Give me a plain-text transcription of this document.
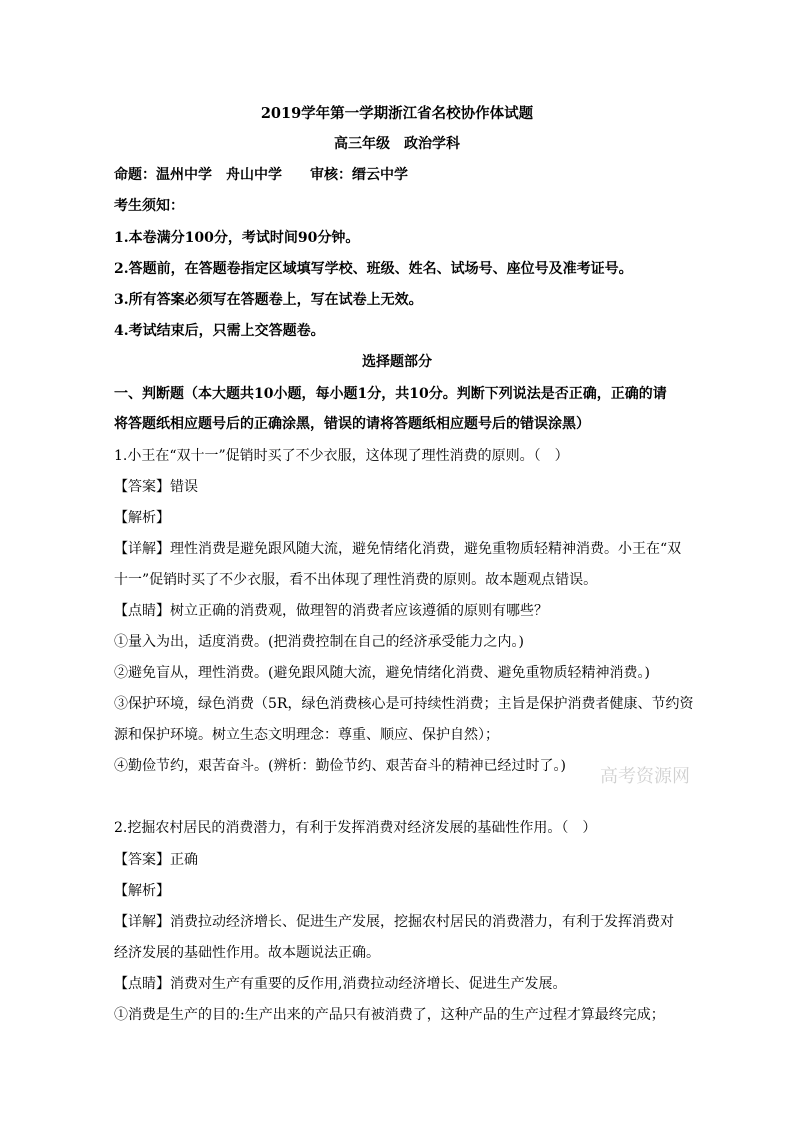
2019学年第一学期浙江省名校协作体试题
高三年级　政治学科
命题：温州中学　舟山中学　　审核：缙云中学
考生须知：
1.本卷满分100分，考试时间90分钟。
2.答题前，在答题卷指定区域填写学校、班级、姓名、试场号、座位号及准考证号。
3.所有答案必须写在答题卷上，写在试卷上无效。
4.考试结束后，只需上交答题卷。
选择题部分
一、判断题（本大题共10小题，每小题1分，共10分。判断下列说法是否正确，正确的请
将答题纸相应题号后的正确涂黑，错误的请将答题纸相应题号后的错误涂黑）
1.小王在“双十一”促销时买了不少衣服，这体现了理性消费的原则。（　）
【答案】错误
【解析】
【详解】理性消费是避免跟风随大流，避免情绪化消费，避免重物质轻精神消费。小王在“双
十一”促销时买了不少衣服，看不出体现了理性消费的原则。故本题观点错误。
【点睛】树立正确的消费观，做理智的消费者应该遵循的原则有哪些？
①量入为出，适度消费。(把消费控制在自己的经济承受能力之内。)
②避免盲从，理性消费。(避免跟风随大流，避免情绪化消费、避免重物质轻精神消费。)
③保护环境，绿色消费（5R，绿色消费核心是可持续性消费；主旨是保护消费者健康、节约资
源和保护环境。树立生态文明理念：尊重、顺应、保护自然）；
④勤俭节约，艰苦奋斗。(辨析：勤俭节约、艰苦奋斗的精神已经过时了。)	高考资源网
2.挖掘农村居民的消费潜力，有利于发挥消费对经济发展的基础性作用。（　）
【答案】正确
【解析】
【详解】消费拉动经济增长、促进生产发展，挖掘农村居民的消费潜力，有利于发挥消费对
经济发展的基础性作用。故本题说法正确。
【点睛】消费对生产有重要的反作用,消费拉动经济增长、促进生产发展。
①消费是生产的目的:生产出来的产品只有被消费了，这种产品的生产过程才算最终完成；
